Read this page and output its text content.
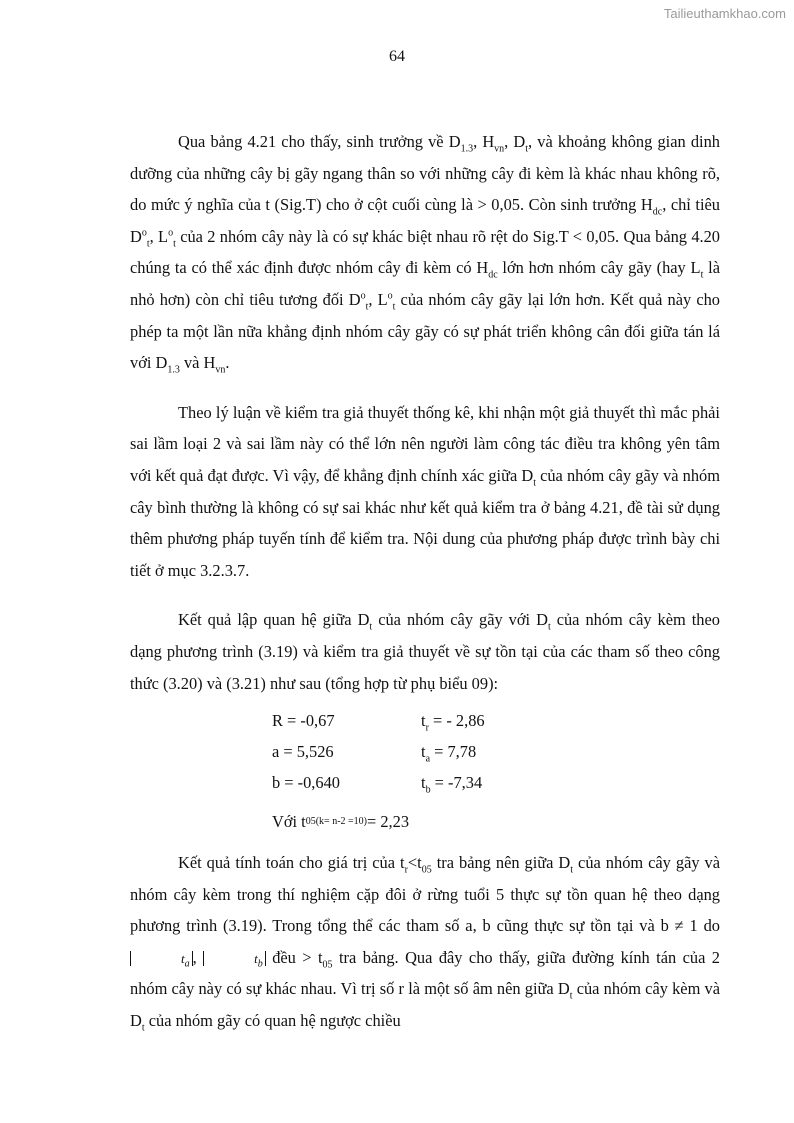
Tailieuthamkhao.com
64

Qua bảng 4.21 cho thấy, sinh trưởng về $D_{1.3}$, $H_{vn}$, $D_t$, và khoảng không gian dinh dưỡng của những cây bị gãy ngang thân so với những cây đi kèm là khác nhau không rõ, do mức ý nghĩa của t (Sig.T) cho ở cột cuối cùng là > 0,05. Còn sinh trưởng $H_{dc}$, chỉ tiêu $D^o_t$, $L^o_t$ của 2 nhóm cây này là có sự khác biệt nhau rõ rệt do Sig.T < 0,05. Qua bảng 4.20 chúng ta có thể xác định được nhóm cây đi kèm có $H_{dc}$ lớn hơn nhóm cây gãy (hay $L_t$ là nhỏ hơn) còn chỉ tiêu tương đối $D^o_t$, $L^o_t$ của nhóm cây gãy lại lớn hơn. Kết quả này cho phép ta một lần nữa khẳng định nhóm cây gãy có sự phát triển không cân đối giữa tán lá với $D_{1.3}$ và $H_{vn}$.

Theo lý luận về kiểm tra giả thuyết thống kê, khi nhận một giả thuyết thì mắc phải sai lầm loại 2 và sai lầm này có thể lớn nên người làm công tác điều tra không yên tâm với kết quả đạt được. Vì vậy, để khẳng định chính xác giữa $D_t$ của nhóm cây gãy và nhóm cây bình thường là không có sự sai khác như kết quả kiểm tra ở bảng 4.21, đề tài sử dụng thêm phương pháp tuyến tính để kiểm tra. Nội dung của phương pháp được trình bày chi tiết ở mục 3.2.3.7.

Kết quả lập quan hệ giữa $D_t$ của nhóm cây gãy với $D_t$ của nhóm cây kèm theo dạng phương trình (3.19) và kiểm tra giả thuyết về sự tồn tại của các tham số theo công thức (3.20) và (3.21) như sau (tổng hợp từ phụ biểu 09):

R = -0,67	$t_r$ = - 2,86
a = 5,526	$t_a = 7,78$
b = -0,640	$t_b = -7,34$
Với t 05(k= n-2 =10) = 2,23

Kết quả tính toán cho giá trị của $t_r<t_{05}$ tra bảng nên giữa $D_t$ của nhóm cây gãy và nhóm cây kèm trong thí nghiệm cặp đôi ở rừng tuổi 5 thực sự tồn quan hệ theo dạng phương trình (3.19). Trong tổng thể các tham số a, b cũng thực sự tồn tại và b ≠ 1 do $t_a$ ,	$t_b$ đều > $t_{05}$ tra bảng. Qua đây cho thấy, giữa đường kính tán của 2 nhóm cây này có sự khác nhau. Vì trị số r là một số âm nên giữa $D_t$ của nhóm cây kèm và $D_t$ của nhóm gãy có quan hệ ngược chiều
